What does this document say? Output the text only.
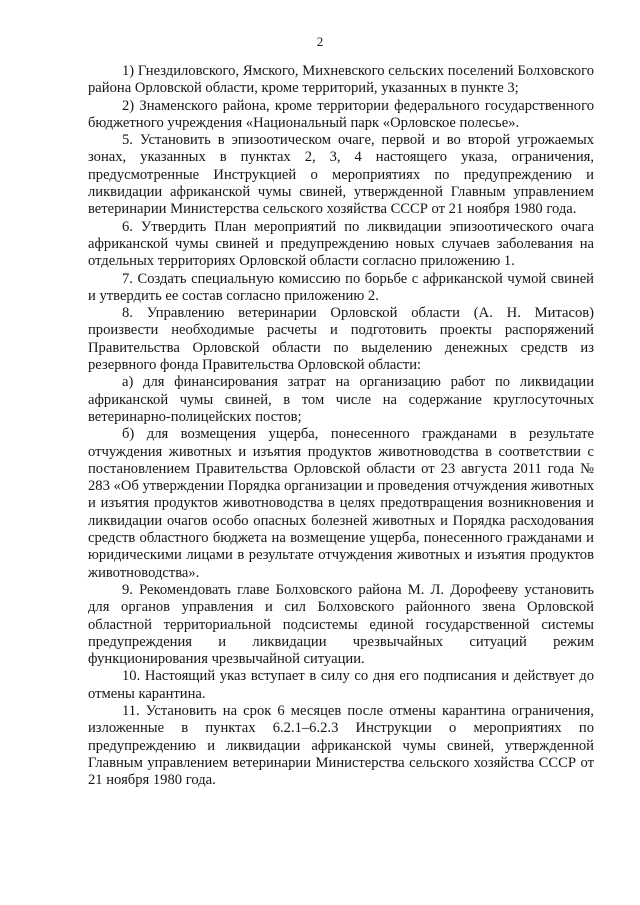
2

1) Гнездиловского, Ямского, Михневского сельских поселений Болховского района Орловской области, кроме территорий, указанных в пункте 3;

2) Знаменского района, кроме территории федерального государственного бюджетного учреждения «Национальный парк «Орловское полесье».

5. Установить в эпизоотическом очаге, первой и во второй угрожаемых зонах, указанных в пунктах 2, 3, 4 настоящего указа, ограничения, предусмотренные Инструкцией о мероприятиях по предупреждению и ликвидации африканской чумы свиней, утвержденной Главным управлением ветеринарии Министерства сельского хозяйства СССР от 21 ноября 1980 года.

6. Утвердить План мероприятий по ликвидации эпизоотического очага африканской чумы свиней и предупреждению новых случаев заболевания на отдельных территориях Орловской области согласно приложению 1.

7. Создать специальную комиссию по борьбе с африканской чумой свиней и утвердить ее состав согласно приложению 2.

8. Управлению ветеринарии Орловской области (А. Н. Митасов) произвести необходимые расчеты и подготовить проекты распоряжений Правительства Орловской области по выделению денежных средств из резервного фонда Правительства Орловской области:

а) для финансирования затрат на организацию работ по ликвидации африканской чумы свиней, в том числе на содержание круглосуточных ветеринарно-полицейских постов;

б) для возмещения ущерба, понесенного гражданами в результате отчуждения животных и изъятия продуктов животноводства в соответствии с постановлением Правительства Орловской области от 23 августа 2011 года № 283 «Об утверждении Порядка организации и проведения отчуждения животных и изъятия продуктов животноводства в целях предотвращения возникновения и ликвидации очагов особо опасных болезней животных и Порядка расходования средств областного бюджета на возмещение ущерба, понесенного гражданами и юридическими лицами в результате отчуждения животных и изъятия продуктов животноводства».

9. Рекомендовать главе Болховского района М. Л. Дорофееву установить для органов управления и сил Болховского районного звена Орловской областной территориальной подсистемы единой государственной системы предупреждения и ликвидации чрезвычайных ситуаций режим функционирования чрезвычайной ситуации.

10. Настоящий указ вступает в силу со дня его подписания и действует до отмены карантина.

11. Установить на срок 6 месяцев после отмены карантина ограничения, изложенные в пунктах 6.2.1–6.2.3 Инструкции о мероприятиях по предупреждению и ликвидации африканской чумы свиней, утвержденной Главным управлением ветеринарии Министерства сельского хозяйства СССР от 21 ноября 1980 года.
